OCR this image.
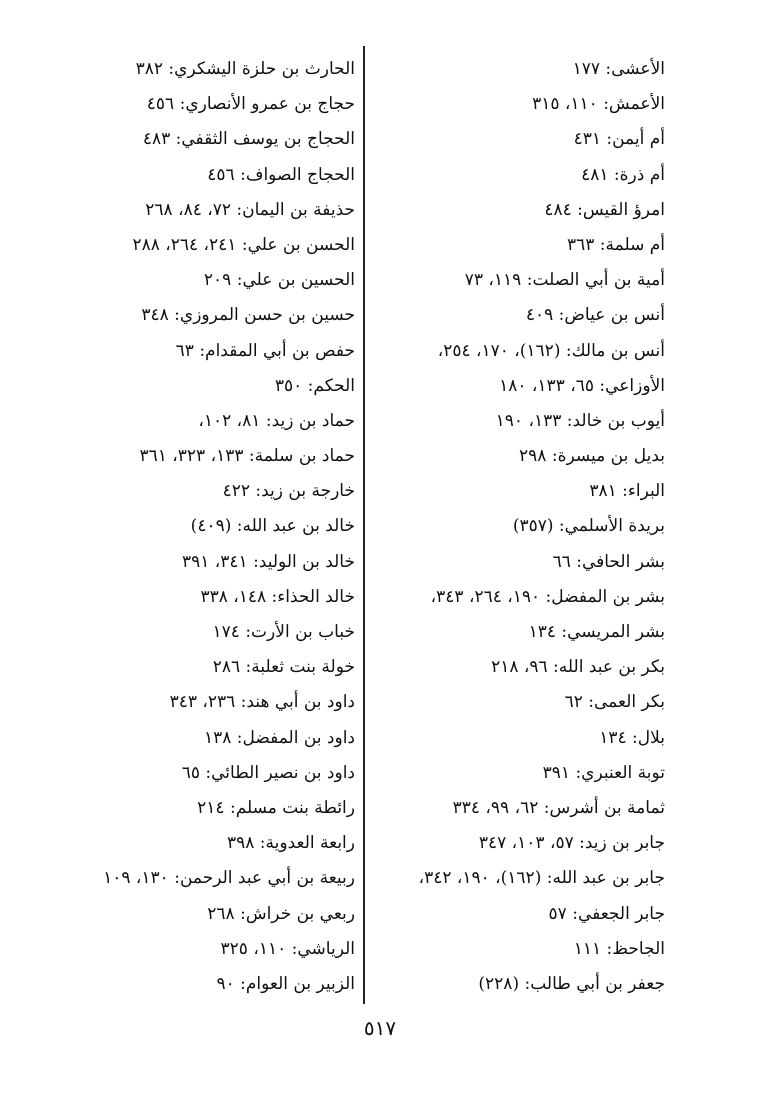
الأعشى: ١٧٧
الأعمش: ١١٠، ٣١٥
أم أيمن: ٤٣١
أم ذرة: ٤٨١
امرؤ القيس: ٤٨٤
أم سلمة: ٣٦٣
أمية بن أبي الصلت: ١١٩، ٧٣
أنس بن عياض: ٤٠٩
أنس بن مالك: (١٦٢)، ١٧٠، ٢٥٤،
الأوزاعي: ٦٥، ١٣٣، ١٨٠
أيوب بن خالد: ١٣٣، ١٩٠
بديل بن ميسرة: ٢٩٨
البراء: ٣٨١
بريدة الأسلمي: (٣٥٧)
بشر الحافي: ٦٦
بشر بن المفضل: ١٩٠، ٢٦٤، ٣٤٣،
بشر المريسي: ١٣٤
بكر بن عبد الله: ٩٦، ٢١٨
بكر العمى: ٦٢
بلال: ١٣٤
توبة العنبري: ٣٩١
ثمامة بن أشرس: ٦٢، ٩٩، ٣٣٤
جابر بن زيد: ٥٧، ١٠٣، ٣٤٧
جابر بن عبد الله: (١٦٢)، ١٩٠، ٣٤٢،
جابر الجعفي: ٥٧
الجاحظ: ١١١
جعفر بن أبي طالب: (٢٢٨)
الحارث بن حلزة اليشكري: ٣٨٢
حجاج بن عمرو الأنصاري: ٤٥٦
الحجاج بن يوسف الثقفي: ٤٨٣
الحجاج الصواف: ٤٥٦
حذيفة بن اليمان: ٧٢، ٨٤، ٢٦٨
الحسن بن علي: ٢٤١، ٢٦٤، ٢٨٨
الحسين بن علي: ٢٠٩
حسين بن حسن المروزي: ٣٤٨
حفص بن أبي المقدام: ٦٣
الحكم: ٣٥٠
حماد بن زيد: ٨١، ١٠٢،
حماد بن سلمة: ١٣٣، ٣٢٣، ٣٦١
خارجة بن زيد: ٤٢٢
خالد بن عبد الله: (٤٠٩)
خالد بن الوليد: ٣٤١، ٣٩١
خالد الحذاء: ١٤٨، ٣٣٨
خباب بن الأرت: ١٧٤
خولة بنت ثعلبة: ٢٨٦
داود بن أبي هند: ٢٣٦، ٣٤٣
داود بن المفضل: ١٣٨
داود بن نصير الطائي: ٦٥
رائطة بنت مسلم: ٢١٤
رابعة العدوية: ٣٩٨
ربيعة بن أبي عبد الرحمن: ١٣٠، ١٠٩
ربعي بن خراش: ٢٦٨
الرياشي: ١١٠، ٣٢٥
الزبير بن العوام: ٩٠
٥١٧
